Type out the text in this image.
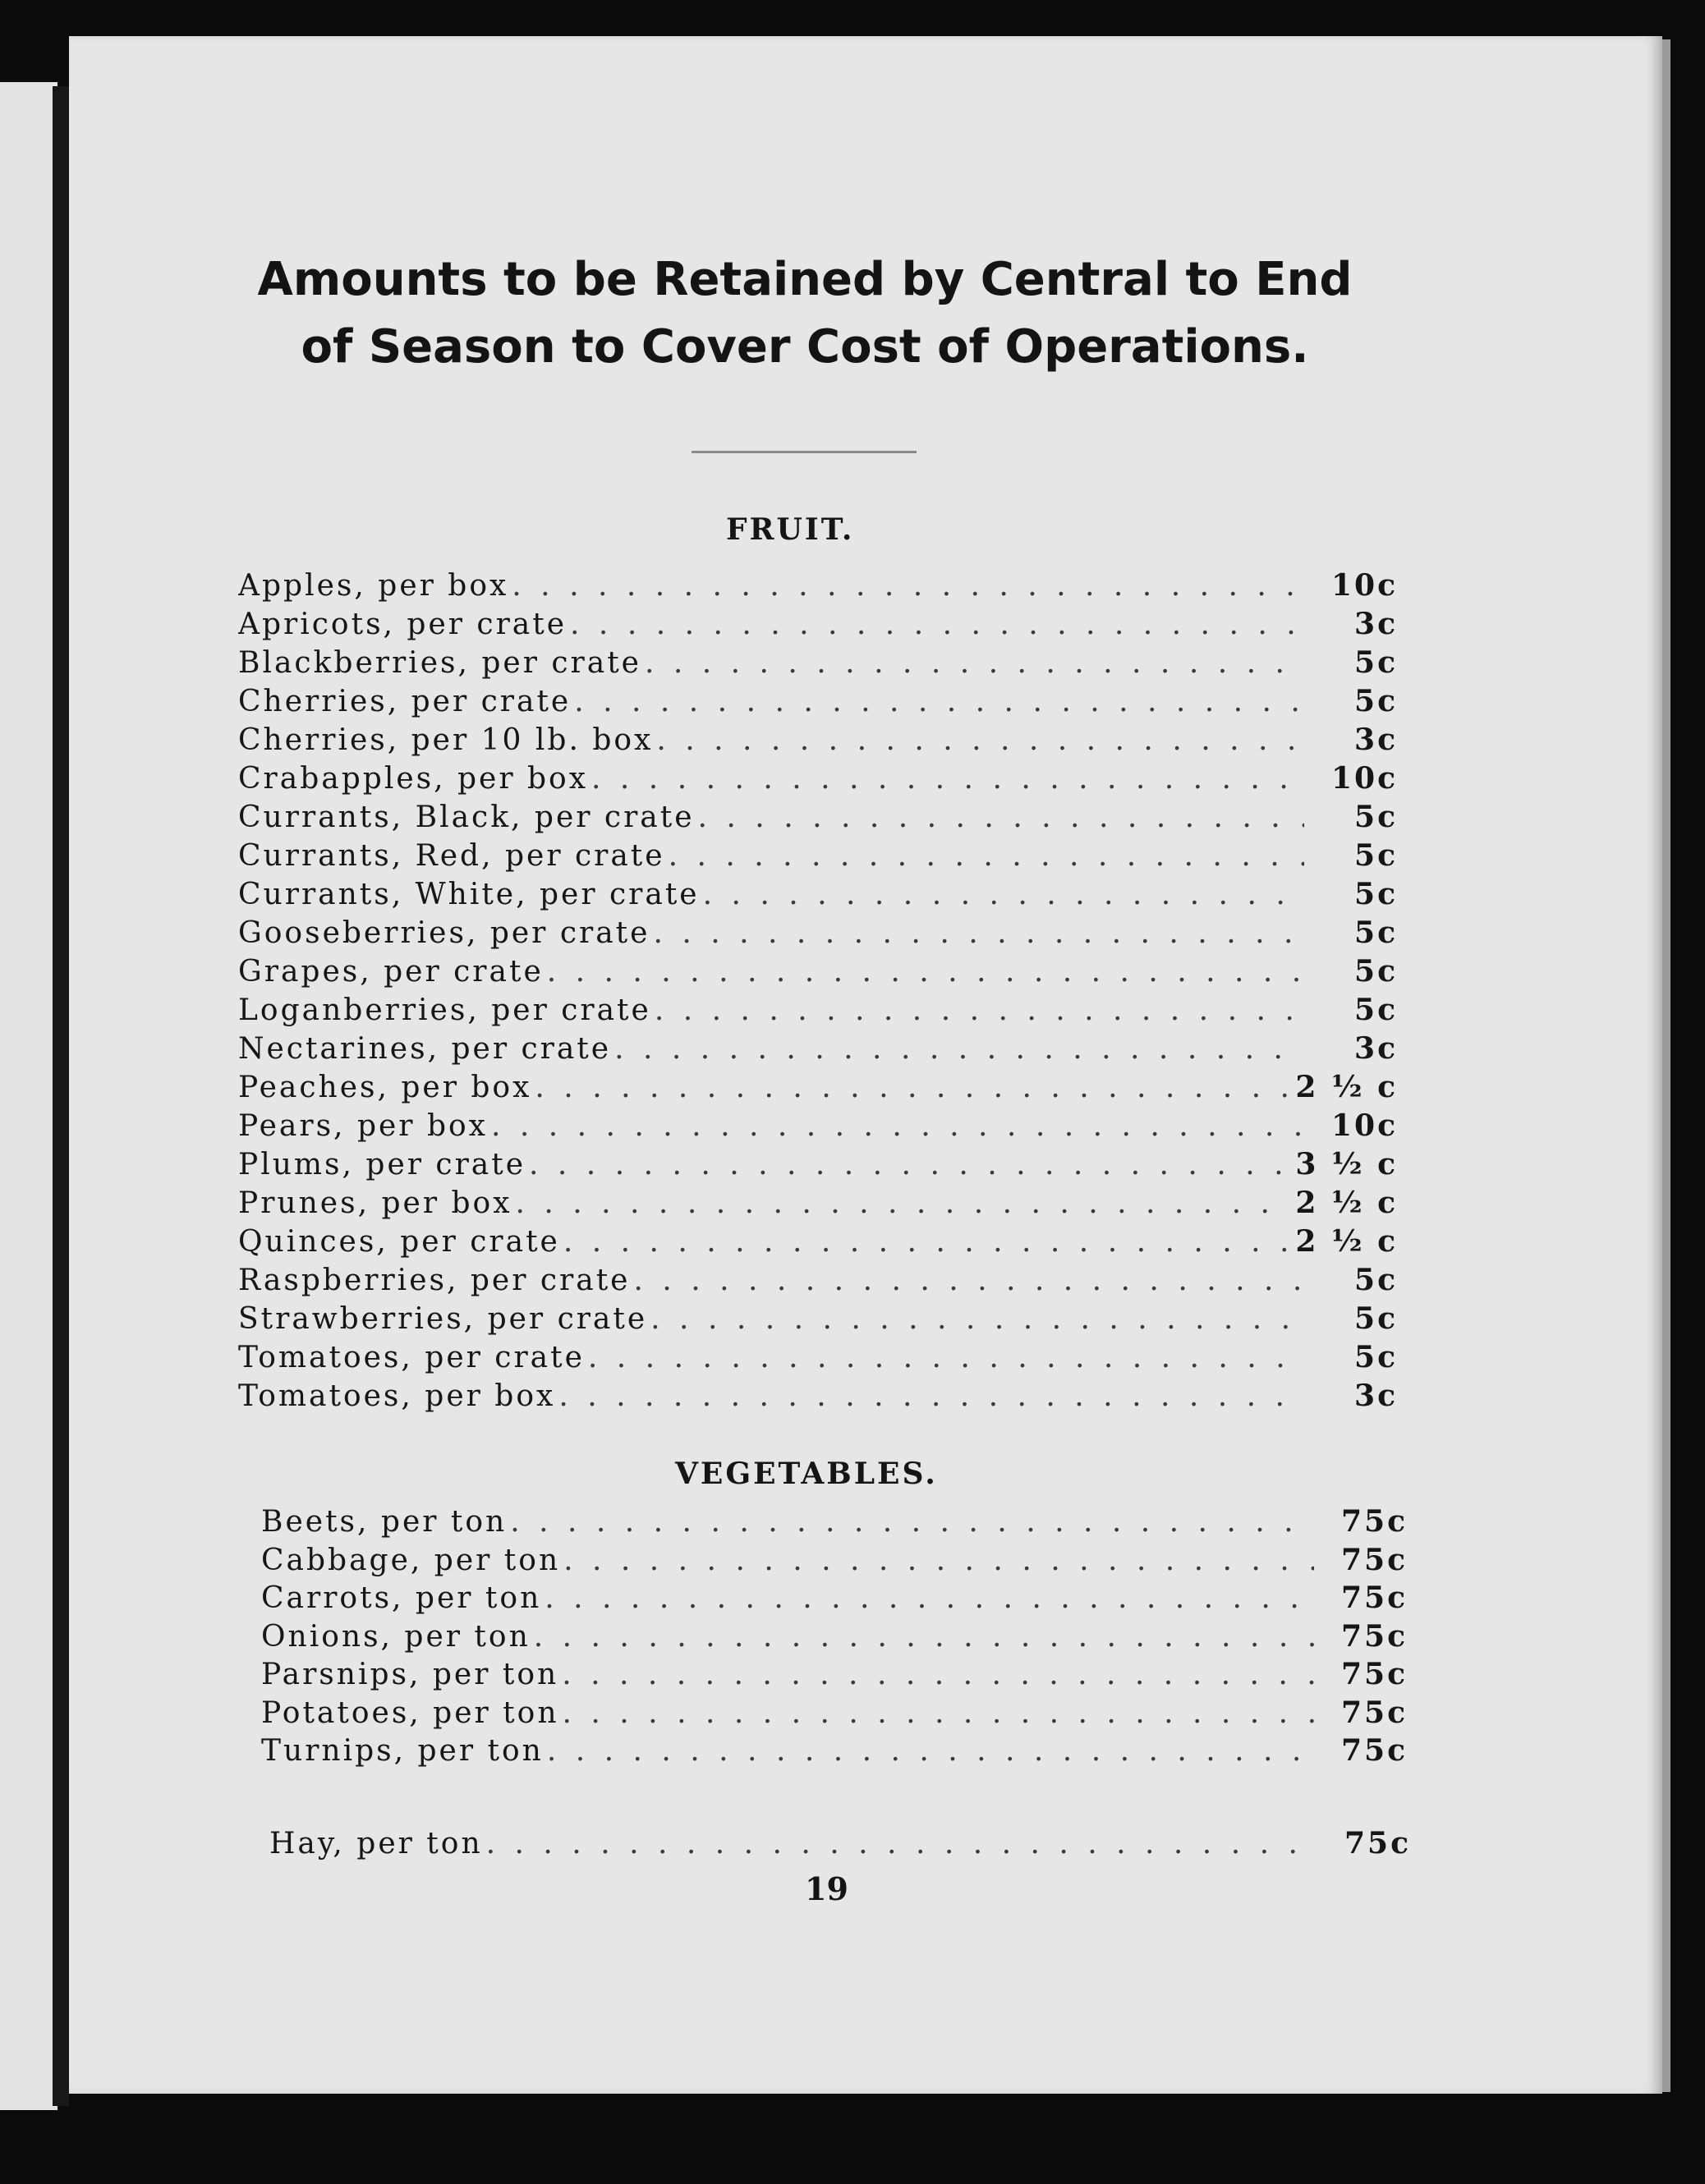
Amounts to be Retained by Central to End
of Season to Cover Cost of Operations.
FRUIT.
Apples, per box . . .	10c
Apricots, per crate . . .	3c
Blackberries, per crate . . .	5c
Cherries, per crate . . .	5c
Cherries, per 10 lb. box . . .	3c
Crabapples, per box . . .	10c
Currants, Black, per crate . . .	5c
Currants, Red, per crate . . .	5c
Currants, White, per crate . . .	5c
Gooseberries, per crate . . .	5c
Grapes, per crate . . .	5c
Loganberries, per crate . . .	5c
Nectarines, per crate . . .	3c
Peaches, per box . . .	2 ½ c
Pears, per box . . .	10c
Plums, per crate . . .	3 ½ c
Prunes, per box . . .	2 ½ c
Quinces, per crate . . .	2 ½ c
Raspberries, per crate . . .	5c
Strawberries, per crate . . .	5c
Tomatoes, per crate . . .	5c
Tomatoes, per box . . .	3c
VEGETABLES.
Beets, per ton . . .	75c
Cabbage, per ton . . .	75c
Carrots, per ton . . .	75c
Onions, per ton . . .	75c
Parsnips, per ton . . .	75c
Potatoes, per ton . . .	75c
Turnips, per ton . . .	75c
Hay, per ton . . .	75c

19
